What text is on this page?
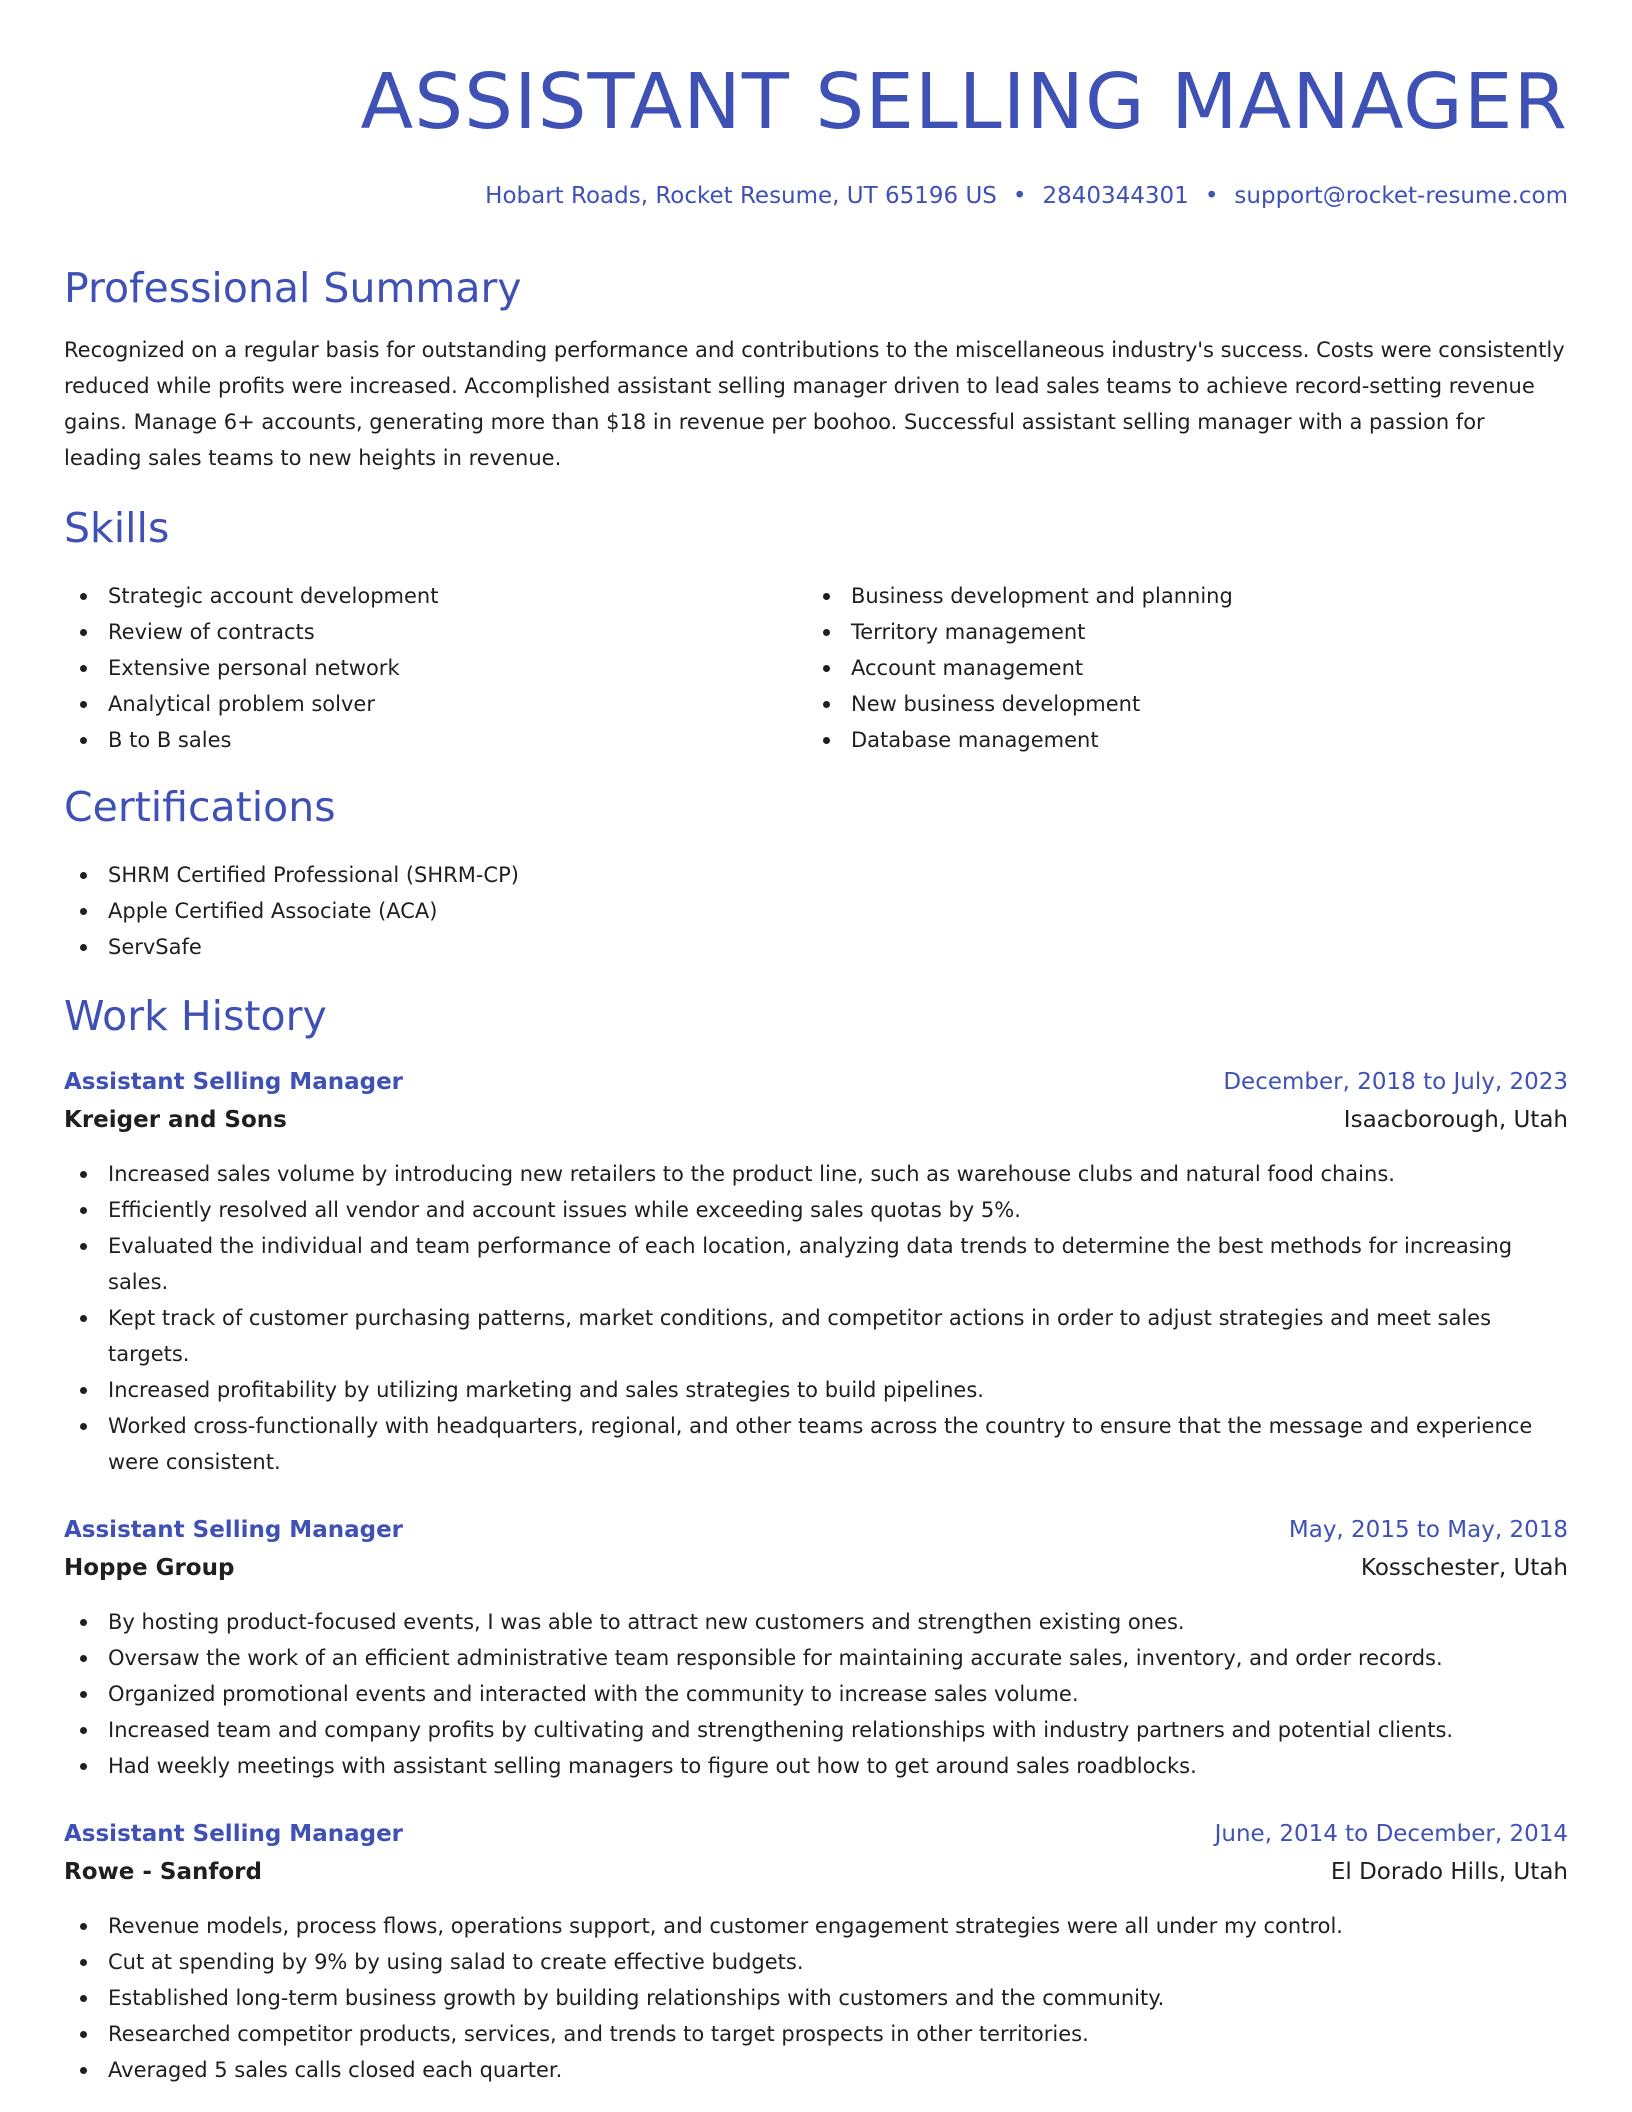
ASSISTANT SELLING MANAGER
Hobart Roads, Rocket Resume, UT 65196 US • 2840344301 • support@rocket-resume.com
Professional Summary

Recognized on a regular basis for outstanding performance and contributions to the miscellaneous industry's success. Costs were consistently reduced while profits were increased. Accomplished assistant selling manager driven to lead sales teams to achieve record-setting revenue gains. Manage 6+ accounts, generating more than $18 in revenue per boohoo. Successful assistant selling manager with a passion for leading sales teams to new heights in revenue.

Skills
Strategic account development
Review of contracts
Extensive personal network
Analytical problem solver
B to B sales
Business development and planning
Territory management
Account management
New business development
Database management
Certifications
SHRM Certified Professional (SHRM-CP)
Apple Certified Associate (ACA)
ServSafe
Work History
Assistant Selling Manager	December, 2018 to July, 2023
Kreiger and Sons	Isaacborough, Utah
Increased sales volume by introducing new retailers to the product line, such as warehouse clubs and natural food chains.
Efficiently resolved all vendor and account issues while exceeding sales quotas by 5%.
Evaluated the individual and team performance of each location, analyzing data trends to determine the best methods for increasing sales.
Kept track of customer purchasing patterns, market conditions, and competitor actions in order to adjust strategies and meet sales targets.
Increased profitability by utilizing marketing and sales strategies to build pipelines.
Worked cross-functionally with headquarters, regional, and other teams across the country to ensure that the message and experience were consistent.
Assistant Selling Manager	May, 2015 to May, 2018
Hoppe Group	Kosschester, Utah
By hosting product-focused events, I was able to attract new customers and strengthen existing ones.
Oversaw the work of an efficient administrative team responsible for maintaining accurate sales, inventory, and order records.
Organized promotional events and interacted with the community to increase sales volume.
Increased team and company profits by cultivating and strengthening relationships with industry partners and potential clients.
Had weekly meetings with assistant selling managers to figure out how to get around sales roadblocks.
Assistant Selling Manager	June, 2014 to December, 2014
Rowe - Sanford	El Dorado Hills, Utah
Revenue models, process flows, operations support, and customer engagement strategies were all under my control.
Cut at spending by 9% by using salad to create effective budgets.
Established long-term business growth by building relationships with customers and the community.
Researched competitor products, services, and trends to target prospects in other territories.
Averaged 5 sales calls closed each quarter.
